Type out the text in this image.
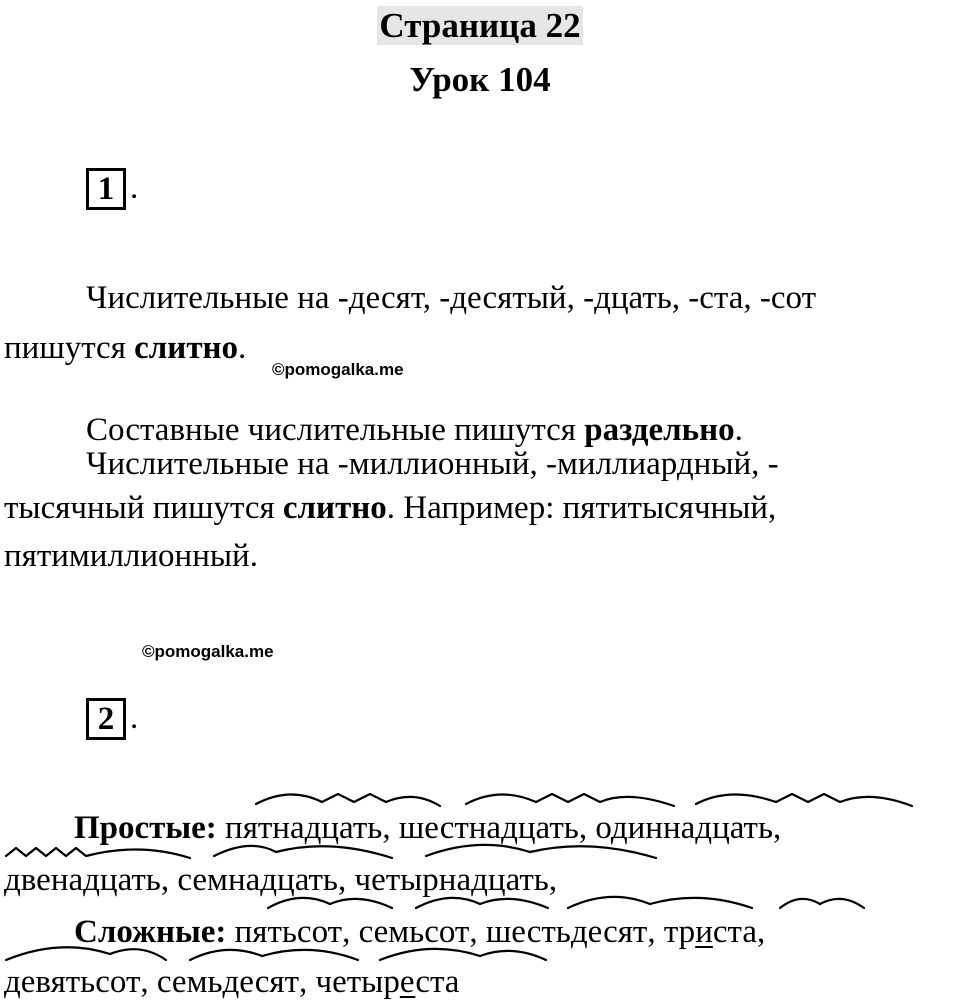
Страница 22
Урок 104
1 .
Числительные на -десят, -десятый, -дцать, -ста, -сот
пишутся слитно.
©pomogalka.me
Составные числительные пишутся раздельно.
Числительные на -миллионный, -миллиардный, -
тысячный пишутся слитно. Например: пятитысячный,
пятимиллионный.
©pomogalka.me
2 .
Простые: пятнадцать, шестнадцать, одиннадцать,
двенадцать, семнадцать, четырнадцать,
Сложные: пятьсот, семьсот, шестьдесят, триста,
девятьсот, семьдесят, четыреста
